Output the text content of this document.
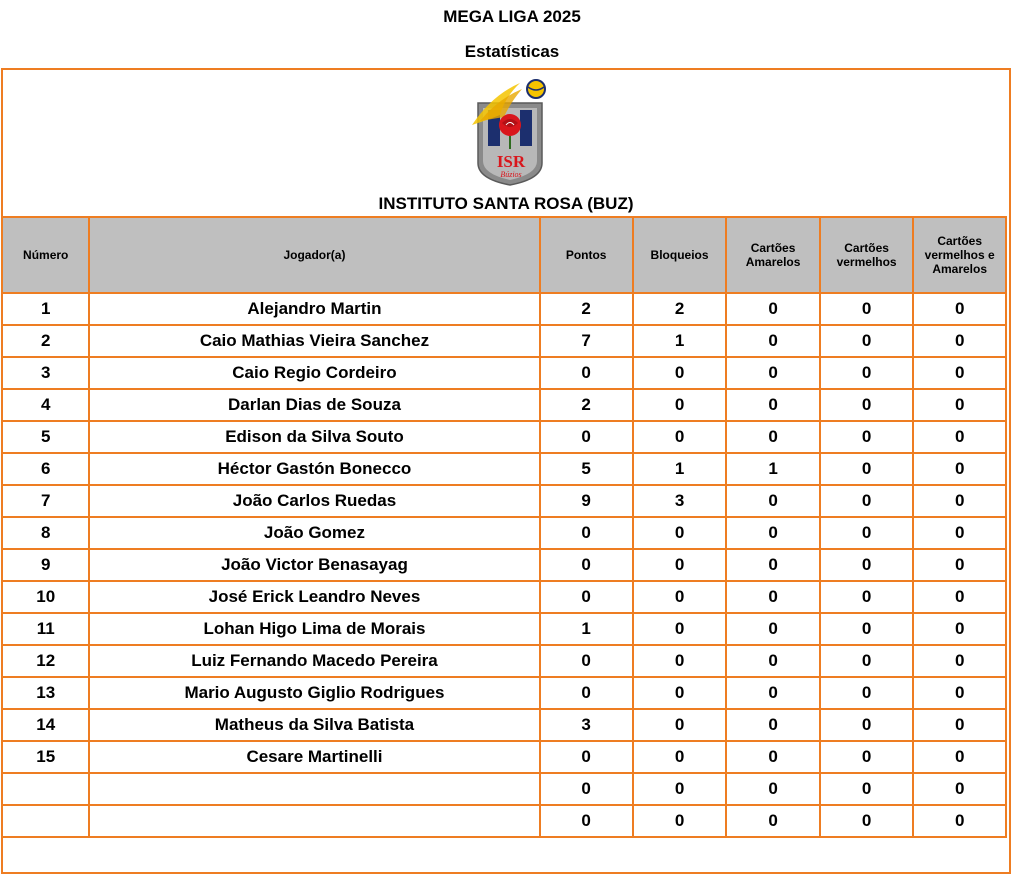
MEGA LIGA 2025
Estatísticas
ISR
Búzios
INSTITUTO SANTA ROSA (BUZ)
Número	Jogador(a)	Pontos	Bloqueios	Cartões Amarelos	Cartões vermelhos	Cartões vermelhos e Amarelos
1	Alejandro Martin	2	2	0	0	0
2	Caio Mathias Vieira Sanchez	7	1	0	0	0
3	Caio Regio Cordeiro	0	0	0	0	0
4	Darlan Dias de Souza	2	0	0	0	0
5	Edison da Silva Souto	0	0	0	0	0
6	Héctor Gastón Bonecco	5	1	1	0	0
7	João Carlos Ruedas	9	3	0	0	0
8	João Gomez	0	0	0	0	0
9	João Victor Benasayag	0	0	0	0	0
10	José Erick Leandro Neves	0	0	0	0	0
11	Lohan Higo Lima de Morais	1	0	0	0	0
12	Luiz Fernando Macedo Pereira	0	0	0	0	0
13	Mario Augusto Giglio Rodrigues	0	0	0	0	0
14	Matheus da Silva Batista	3	0	0	0	0
15	Cesare Martinelli	0	0	0	0	0
		0	0	0	0	0
		0	0	0	0	0
